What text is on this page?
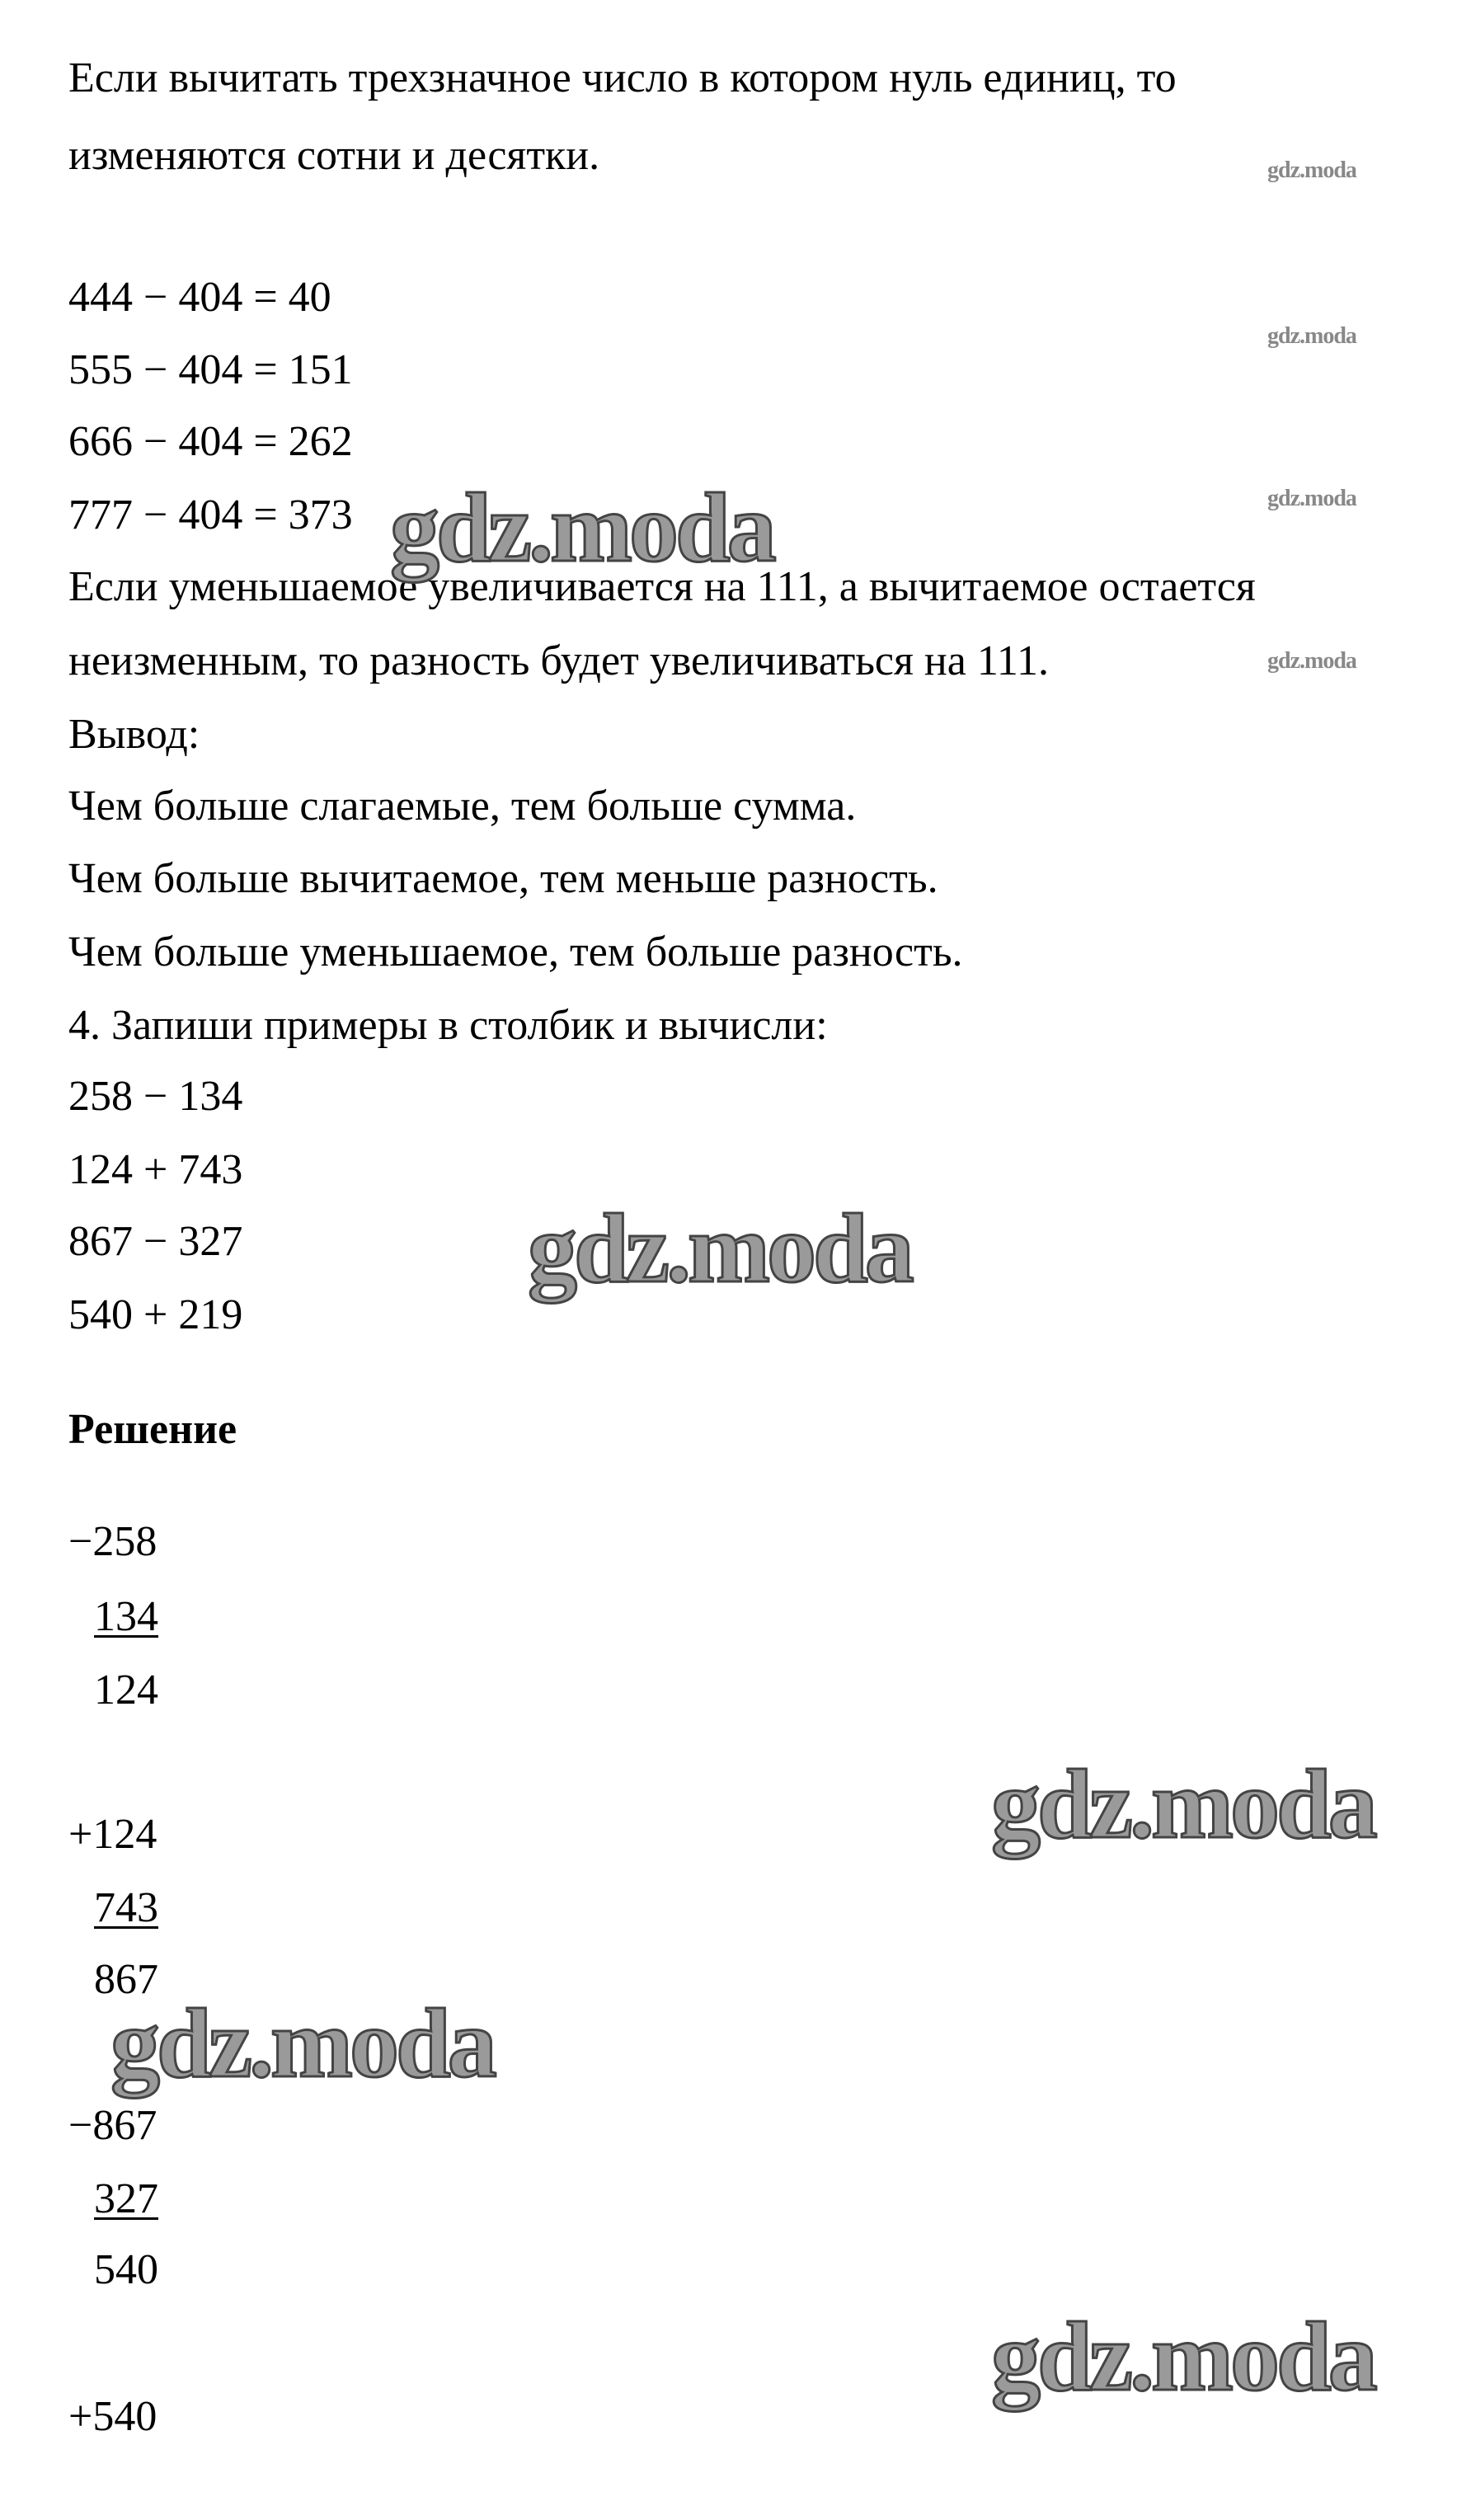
Если вычитать трехзначное число в котором нуль единиц, то
изменяются сотни и десятки.
444 − 404 = 40
555 − 404 = 151
666 − 404 = 262
777 − 404 = 373
Если уменьшаемое увеличивается на 111, а вычитаемое остается
неизменным, то разность будет увеличиваться на 111.
Вывод:
Чем больше слагаемые, тем больше сумма.
Чем больше вычитаемое, тем меньше разность.
Чем больше уменьшаемое, тем больше разность.
4. Запиши примеры в столбик и вычисли:
258 − 134
124 + 743
867 − 327
540 + 219
Решение
−258
134
124
+124
743
867
−867
327
540
+540
gdz.moda
gdz.moda
gdz.moda
gdz.moda
gdz.moda
gdz.moda
gdz.moda
gdz.moda
gdz.moda
